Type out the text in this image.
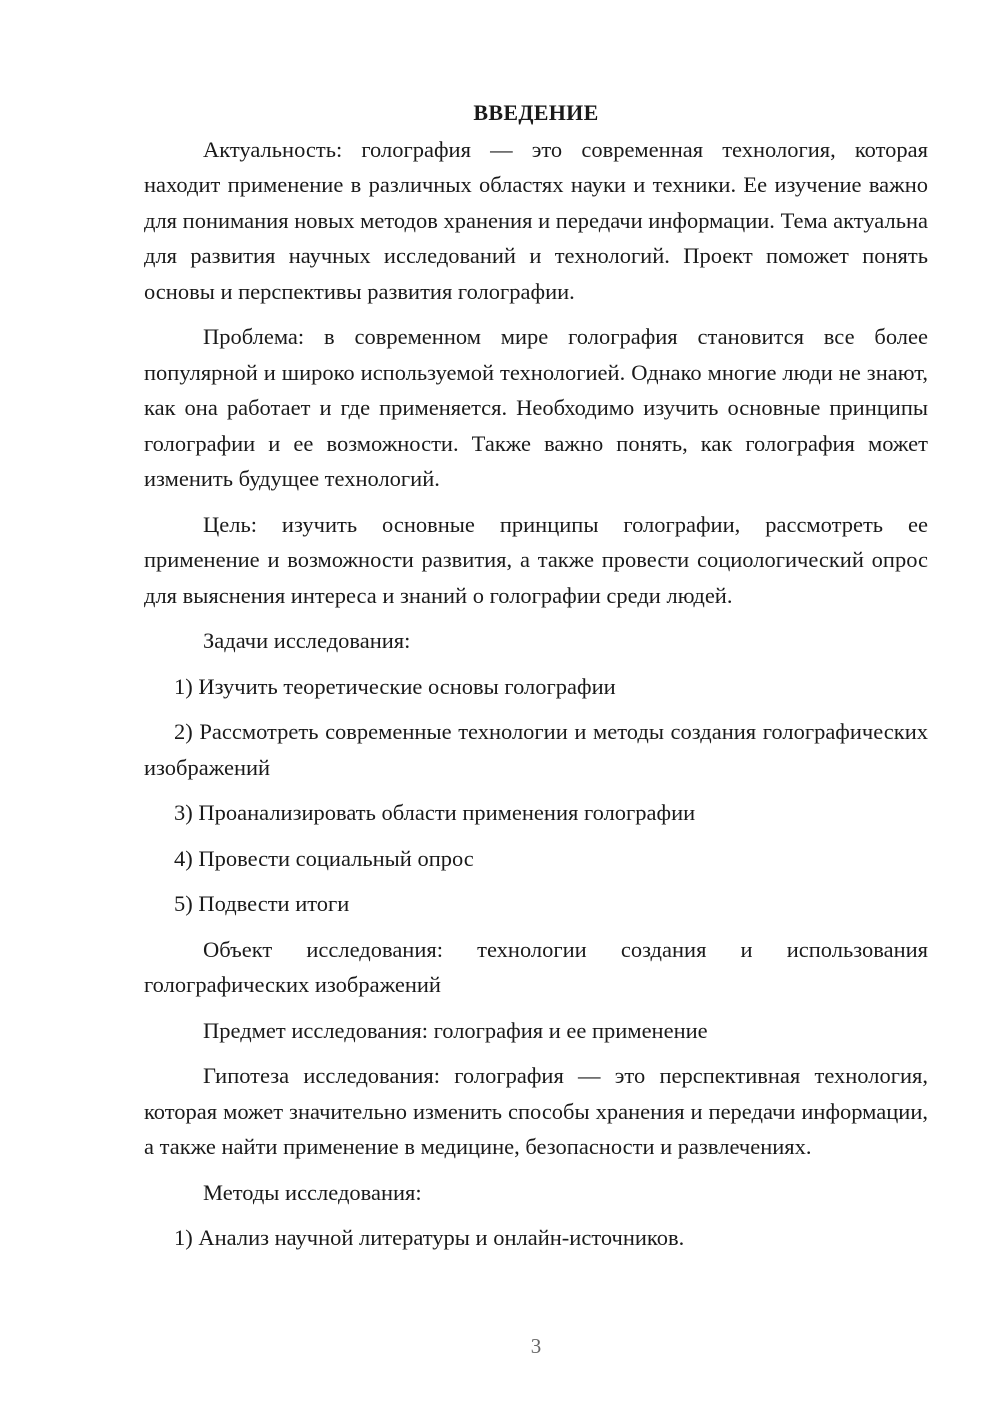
ВВЕДЕНИЕ

Актуальность: голография — это современная технология, которая находит применение в различных областях науки и техники. Ее изучение важно для понимания новых методов хранения и передачи информации. Тема актуальна для развития научных исследований и технологий. Проект поможет понять основы и перспективы развития голографии.

Проблема: в современном мире голография становится все более популярной и широко используемой технологией. Однако многие люди не знают, как она работает и где применяется. Необходимо изучить основные принципы голографии и ее возможности. Также важно понять, как голография может изменить будущее технологий.

Цель: изучить основные принципы голографии, рассмотреть ее применение и возможности развития, а также провести социологический опрос для выяснения интереса и знаний о голографии среди людей.

Задачи исследования:

1) Изучить теоретические основы голографии

2) Рассмотреть современные технологии и методы создания голографических изображений

3) Проанализировать области применения голографии

4) Провести социальный опрос

5) Подвести итоги

Объект исследования: технологии создания и использования голографических изображений

Предмет исследования: голография и ее применение

Гипотеза исследования: голография — это перспективная технология, которая может значительно изменить способы хранения и передачи информации, а также найти применение в медицине, безопасности и развлечениях.

Методы исследования:

1) Анализ научной литературы и онлайн-источников.

3
